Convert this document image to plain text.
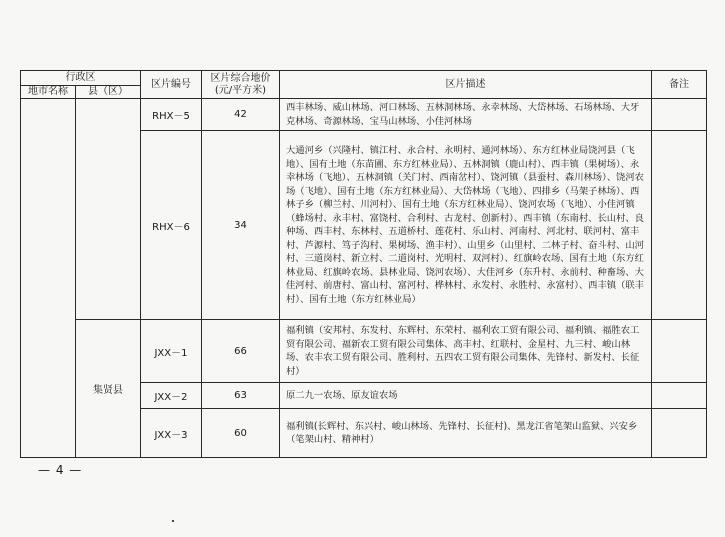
行政区		区片编号	区片综合地价
(元/平方米)	区片描述	备注
地市名称	县（区）				
		RHX－5	42	西丰林场、威山林场、河口林场、五林洞林场、永幸林场、大岱林场、石场林场、大牙克林场、奇源林场、宝马山林场、小佳河林场	
		RHX－6	34	大通河乡（兴隆村、镇江村、永合村、永明村、通河林场）、东方红林业局饶河县（飞地）、国有土地（东苗圃、东方红林业局）、五林洞镇（鹿山村）、西丰镇（果树场）、永幸林场（飞地）、五林洞镇（关门村、西南岔村）、饶河镇（县蚕村、森川林场）、饶河农场（飞地）、国有土地（东方红林业局）、大岱林场（飞地）、四排乡（马架子林场）、西林子乡（柳兰村、川河村）、国有土地（东方红林业局）、饶河农场（飞地）、小佳河镇（蜂场村、永丰村、富饶村、合利村、古龙村、创新村）、西丰镇（东南村、长山村、良种场、西丰村、东林村、五道桥村、莲花村、乐山村、河南村、河北村、联河村、富丰村、芦源村、笃子沟村、果树场、渔丰村）、山里乡（山里村、二林子村、奋斗村、山河村、三道岗村、新立村、二道岗村、光明村、双河村）、红旗岭农场、国有土地（东方红林业局、红旗岭农场、县林业局、饶河农场）、大佳河乡（东升村、永前村、种畜场、大佳河村、前唐村、富山村、富河村、桦林村、永发村、永胜村、永富村）、西丰镇（联丰村）、国有土地（东方红林业局）	
	集贤县	JXX－1	66	福利镇（安邦村、东发村、东辉村、东荣村、福利农工贸有限公司、福利镇、福胜农工贸有限公司、福新农工贸有限公司集体、高丰村、红联村、金星村、九三村、峻山林场、农丰农工贸有限公司、胜利村、五四农工贸有限公司集体、先锋村、新发村、长征村）	
		JXX－2	63	原二九一农场、原友谊农场	
		JXX－3	60	福利镇(长辉村、东兴村、峻山林场、先锋村、长征村)、黑龙江省笔架山监狱、兴安乡（笔架山村、精神村）	
— 4 —
